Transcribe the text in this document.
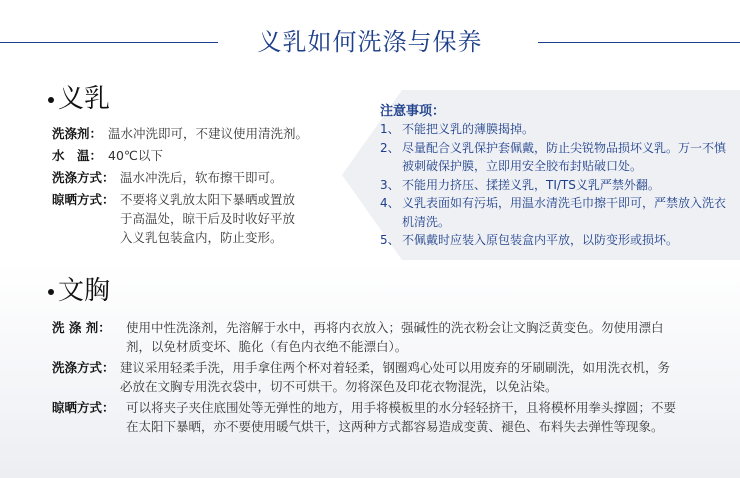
义乳如何洗涤与保养
义乳
洗涤剂： 温水冲洗即可，不建议使用清洗剂。
水　温： 40℃以下
洗涤方式： 温水冲洗后，软布擦干即可。
晾晒方式： 不要将义乳放太阳下暴晒或置放于高温处，晾干后及时收好平放入义乳包装盒内，防止变形。
注意事项：
1、 不能把义乳的薄膜揭掉。
2、 尽量配合义乳保护套佩戴，防止尖锐物品损坏义乳。万一不慎被刺破保护膜，立即用安全胶布封贴破口处。
3、 不能用力挤压、揉搓义乳，TI/TS义乳严禁外翻。
4、 义乳表面如有污垢，用温水清洗毛巾擦干即可，严禁放入洗衣机清洗。
5、 不佩戴时应装入原包装盒内平放，以防变形或损坏。
文胸
洗 涤 剂： 使用中性洗涤剂，先溶解于水中，再将内衣放入；强碱性的洗衣粉会让文胸泛黄变色。勿使用漂白剂，以免材质变坏、脆化（有色内衣绝不能漂白）。
洗涤方式： 建议采用轻柔手洗，用手拿住两个杯对着轻柔，钢圈鸡心处可以用废弃的牙刷刷洗，如用洗衣机，务必放在文胸专用洗衣袋中，切不可烘干。勿将深色及印花衣物混洗，以免沾染。
晾晒方式： 可以将夹子夹住底围处等无弹性的地方，用手将模板里的水分轻轻挤干，且将模杯用拳头撑圆；不要在太阳下暴晒，亦不要使用暖气烘干，这两种方式都容易造成变黄、褪色、布料失去弹性等现象。
